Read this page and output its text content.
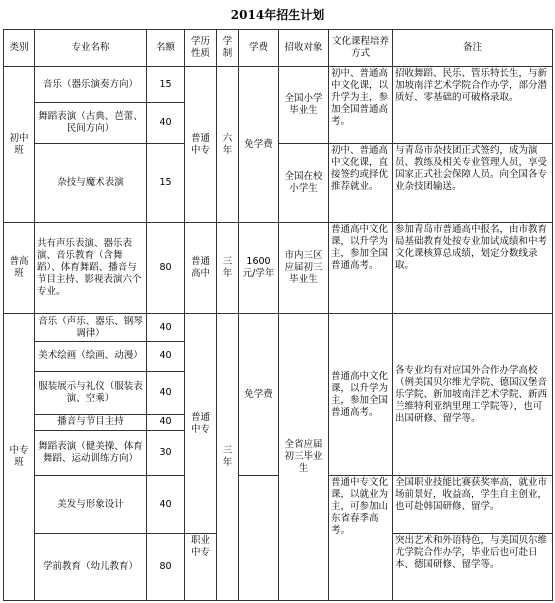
2014年招生计划
类别	专业名称	名额	学历性质	学制	学费	招收对象	文化课程培养方式	备注
初中班	音乐（器乐演奏方向）	15	普通中专	六年	免学费	全国小学毕业生	初中、普通高中文化课，以升学为主，参加全国普通高考。	招收舞蹈、民乐、管乐特长生，与新加坡南洋艺术学院合作办学，部分潜质好、零基础的可破格录取。
	舞蹈表演（古典、芭蕾、民间方向）	40						
	杂技与魔术表演	15				全国在校小学生	初中、普通高中文化课，直接签约或择优推荐就业。	与青岛市杂技团正式签约，成为演员、教练及相关专业管理人员，享受国家正式社会保障人员。向全国各专业杂技团输送。
普高班	共有声乐表演、器乐表演、音乐教育（含舞蹈）、体育舞蹈、播音与节目主持、影视表演六个专业。	80	普通高中	三年	1600元/学年	市内三区应届初三毕业生	普通高中文化课，以升学为主，参加全国普通高考。	参加青岛市普通高中报名，由市教育局基础教育处按专业加试成绩和中考文化课核算总成绩，划定分数线录取。
中专班	音乐（声乐、器乐、钢琴调律）	40	普通中专	三年	免学费	全省应届初三毕业生	普通高中文化课，以升学为主，参加全国普通高考。	各专业均有对应国外合作办学高校（例美国贝尔维尤学院、德国汉堡音乐学院、新加坡南洋艺术学院、新西兰维特利亚纳里理工学院等），也可出国研修、留学等。
	美术绘画（绘画、动漫）	40						
	服装展示与礼仪（服装表演、空乘）	40						
	播音与节目主持	40						
	舞蹈表演（健美操、体育舞蹈、运动训练方向）	30						
	美发与形象设计	40					普通中专文化课，以就业为主，可参加山东省春季高考。	全国职业技能比赛获奖率高，就业市场前景好，收益高，学生自主创业，也可赴韩国研修、留学。
	学前教育（幼儿教育）	80	职业中专					突出艺术和外语特色，与美国贝尔维尤学院合作办学，毕业后也可赴日本、德国研修、留学等。
